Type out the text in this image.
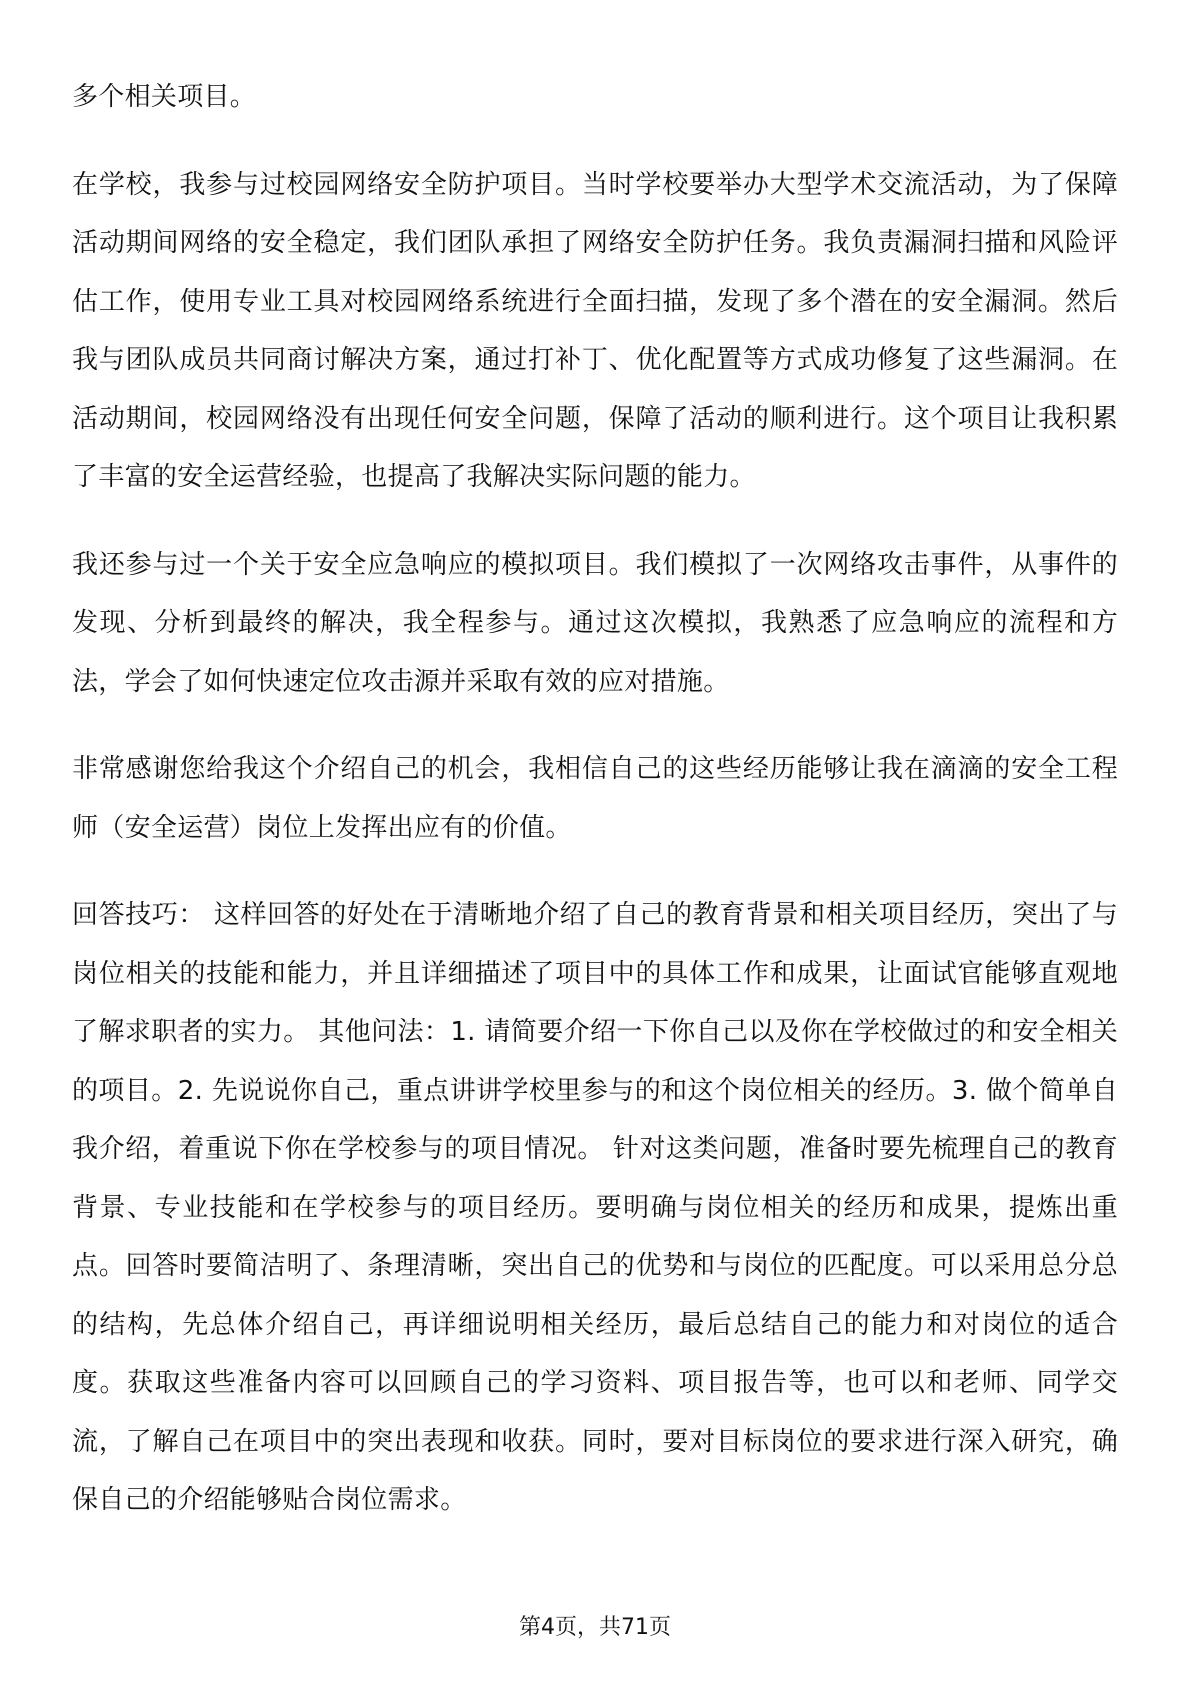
多个相关项目。

在学校，我参与过校园网络安全防护项目。当时学校要举办大型学术交流活动，为了保障活动期间网络的安全稳定，我们团队承担了网络安全防护任务。我负责漏洞扫描和风险评估工作，使用专业工具对校园网络系统进行全面扫描，发现了多个潜在的安全漏洞。然后我与团队成员共同商讨解决方案，通过打补丁、优化配置等方式成功修复了这些漏洞。在活动期间，校园网络没有出现任何安全问题，保障了活动的顺利进行。这个项目让我积累了丰富的安全运营经验，也提高了我解决实际问题的能力。

我还参与过一个关于安全应急响应的模拟项目。我们模拟了一次网络攻击事件，从事件的发现、分析到最终的解决，我全程参与。通过这次模拟，我熟悉了应急响应的流程和方法，学会了如何快速定位攻击源并采取有效的应对措施。

非常感谢您给我这个介绍自己的机会，我相信自己的这些经历能够让我在滴滴的安全工程师（安全运营）岗位上发挥出应有的价值。

回答技巧： 这样回答的好处在于清晰地介绍了自己的教育背景和相关项目经历，突出了与岗位相关的技能和能力，并且详细描述了项目中的具体工作和成果，让面试官能够直观地了解求职者的实力。 其他问法：1. 请简要介绍一下你自己以及你在学校做过的和安全相关的项目。2. 先说说你自己，重点讲讲学校里参与的和这个岗位相关的经历。3. 做个简单自我介绍，着重说下你在学校参与的项目情况。 针对这类问题，准备时要先梳理自己的教育背景、专业技能和在学校参与的项目经历。要明确与岗位相关的经历和成果，提炼出重点。回答时要简洁明了、条理清晰，突出自己的优势和与岗位的匹配度。可以采用总分总的结构，先总体介绍自己，再详细说明相关经历，最后总结自己的能力和对岗位的适合度。获取这些准备内容可以回顾自己的学习资料、项目报告等，也可以和老师、同学交流，了解自己在项目中的突出表现和收获。同时，要对目标岗位的要求进行深入研究，确保自己的介绍能够贴合岗位需求。

第4页，共71页
